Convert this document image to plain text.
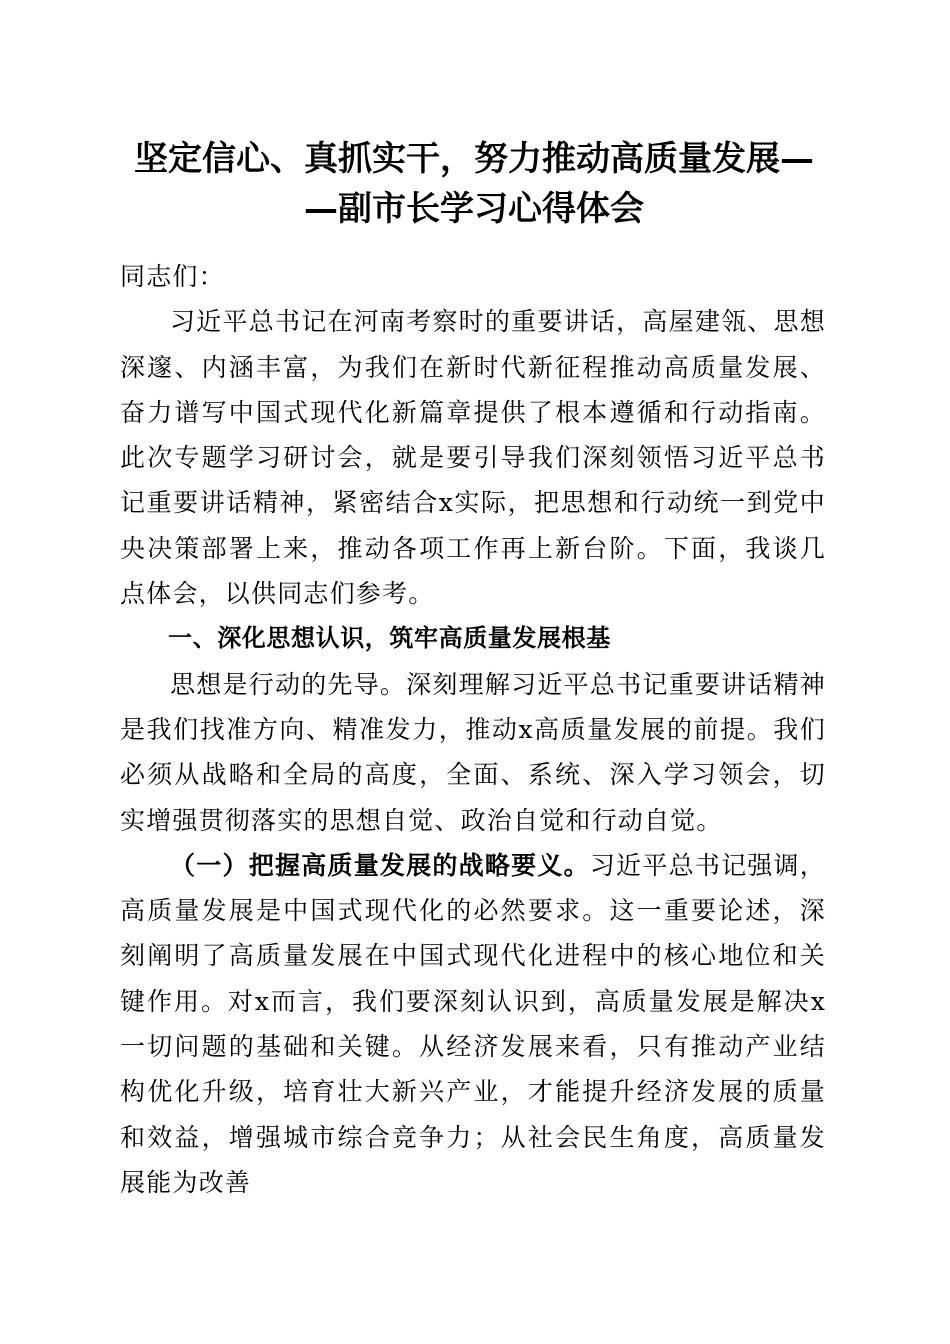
坚定信心、真抓实干，努力推动高质量发展—
—副市长学习心得体会

同志们：

习近平总书记在河南考察时的重要讲话，高屋建瓴、思想深邃、内涵丰富，为我们在新时代新征程推动高质量发展、奋力谱写中国式现代化新篇章提供了根本遵循和行动指南。此次专题学习研讨会，就是要引导我们深刻领悟习近平总书记重要讲话精神，紧密结合x实际，把思想和行动统一到党中央决策部署上来，推动各项工作再上新台阶。下面，我谈几点体会，以供同志们参考。

一、深化思想认识，筑牢高质量发展根基

思想是行动的先导。深刻理解习近平总书记重要讲话精神是我们找准方向、精准发力，推动x高质量发展的前提。我们必须从战略和全局的高度，全面、系统、深入学习领会，切实增强贯彻落实的思想自觉、政治自觉和行动自觉。

（一）把握高质量发展的战略要义。习近平总书记强调，高质量发展是中国式现代化的必然要求。这一重要论述，深刻阐明了高质量发展在中国式现代化进程中的核心地位和关键作用。对x而言，我们要深刻认识到，高质量发展是解决x一切问题的基础和关键。从经济发展来看，只有推动产业结构优化升级，培育壮大新兴产业，才能提升经济发展的质量和效益，增强城市综合竞争力；从社会民生角度，高质量发展能为改善
